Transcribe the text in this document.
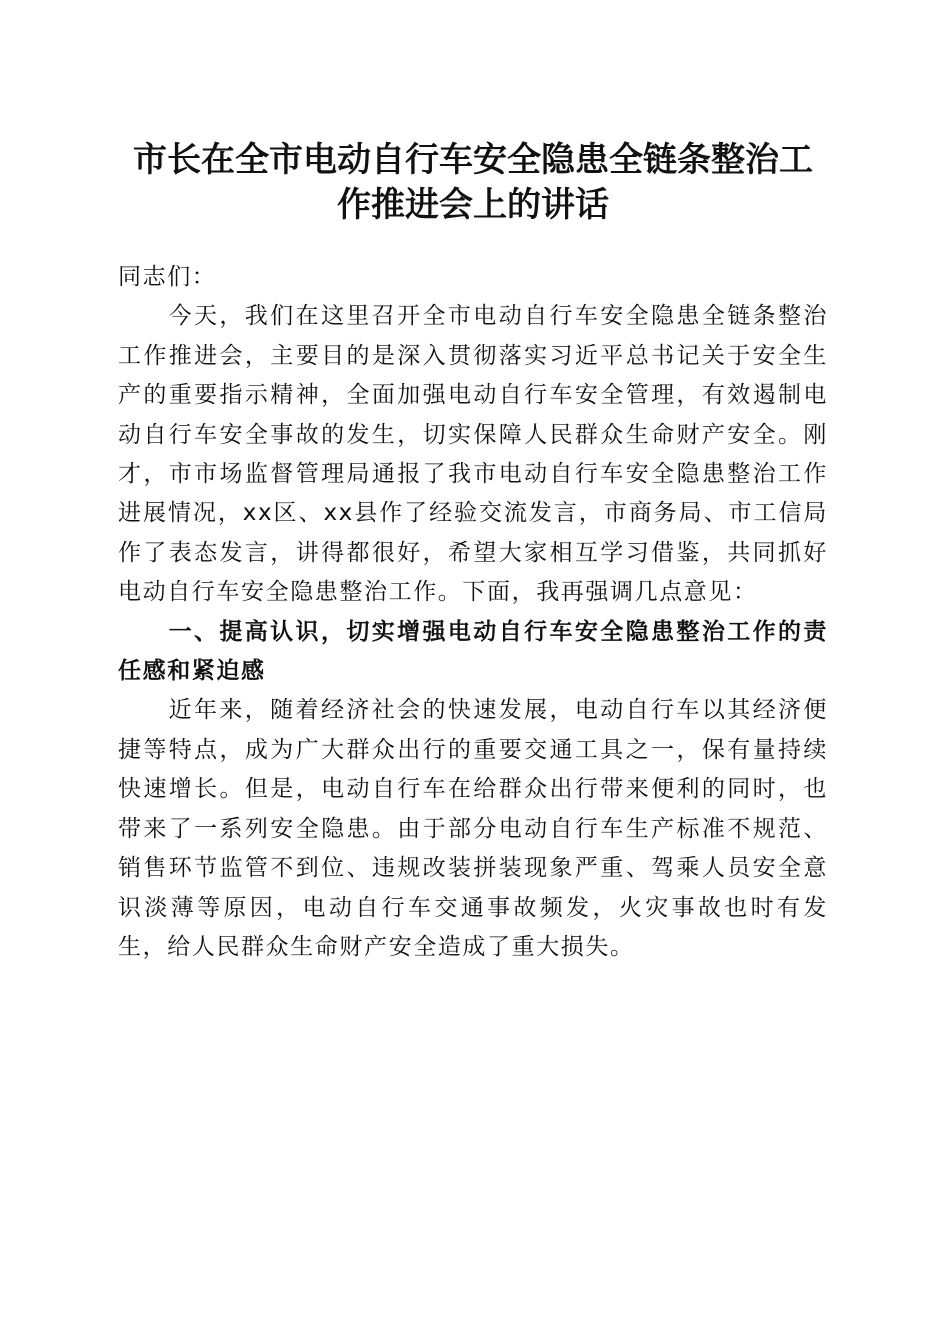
市长在全市电动自行车安全隐患全链条整治工
作推进会上的讲话

同志们：

今天，我们在这里召开全市电动自行车安全隐患全链条整治工作推进会，主要目的是深入贯彻落实习近平总书记关于安全生产的重要指示精神，全面加强电动自行车安全管理，有效遏制电动自行车安全事故的发生，切实保障人民群众生命财产安全。刚才，市市场监督管理局通报了我市电动自行车安全隐患整治工作进展情况，xx区、xx县作了经验交流发言，市商务局、市工信局作了表态发言，讲得都很好，希望大家相互学习借鉴，共同抓好电动自行车安全隐患整治工作。下面，我再强调几点意见：

一、提高认识，切实增强电动自行车安全隐患整治工作的责任感和紧迫感

近年来，随着经济社会的快速发展，电动自行车以其经济便捷等特点，成为广大群众出行的重要交通工具之一，保有量持续快速增长。但是，电动自行车在给群众出行带来便利的同时，也带来了一系列安全隐患。由于部分电动自行车生产标准不规范、销售环节监管不到位、违规改装拼装现象严重、驾乘人员安全意识淡薄等原因，电动自行车交通事故频发，火灾事故也时有发生，给人民群众生命财产安全造成了重大损失。
